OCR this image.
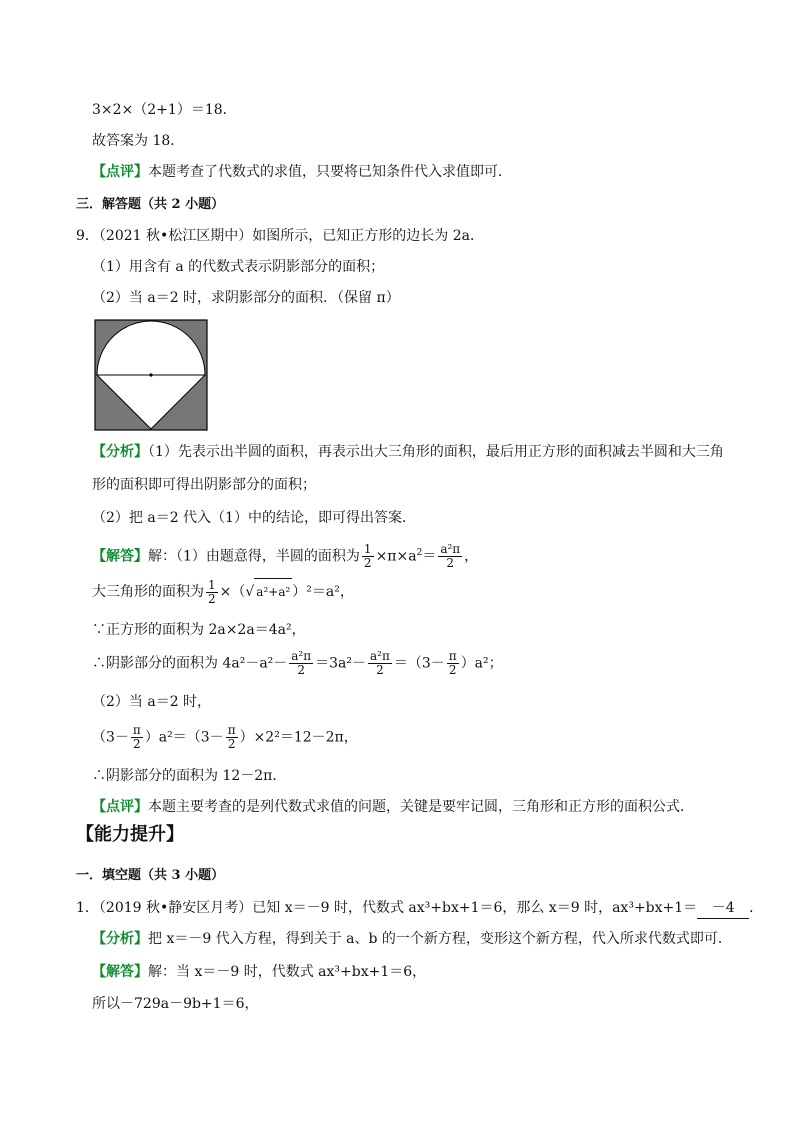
3×2×（2+1）＝18．
故答案为 18．
【点评】本题考查了代数式的求值，只要将已知条件代入求值即可．
三．解答题（共 2 小题）
9．（2021 秋•松江区期中）如图所示，已知正方形的边长为 2a．
（1）用含有 a 的代数式表示阴影部分的面积；
（2）当 a＝2 时，求阴影部分的面积．（保留 π）
【分析】（1）先表示出半圆的面积，再表示出大三角形的面积，最后用正方形的面积减去半圆和大三角
形的面积即可得出阴影部分的面积；
（2）把 a＝2 代入（1）中的结论，即可得出答案．
【解答】解：（1）由题意得，半圆的面积为 $\frac{1}{2} \times\pi\times a^2= \frac{\text{a²π}}{2}$ ，
大三角形的面积为 $\frac{1}{2}$ ×（√ a²+a² ）²＝a²，
∵正方形的面积为 2a×2a＝4a²，
∴阴影部分的面积为 $4a^2-a^2- \frac{\text{a²π}}{2} =3a^2- \frac{\text{a²π}}{2} =(3- \frac{\pi}{2} )a^2$；
（2）当 a＝2 时，
$(3- \frac{\pi}{2} )a^2=(3- \frac{\pi}{2} )\times 2^2=12-2\pi$，
∴阴影部分的面积为 12－2π．
【点评】本题主要考查的是列代数式求值的问题，关键是要牢记圆，三角形和正方形的面积公式．
【能力提升】
一．填空题（共 3 小题）
1．（2019 秋•静安区月考）已知 x＝－9 时，代数式 ax³+bx+1＝6，那么 x＝9 时，ax³+bx+1＝ －4 ．
【分析】把 x＝－9 代入方程，得到关于 a、b 的一个新方程，变形这个新方程，代入所求代数式即可．
【解答】解：当 x＝－9 时，代数式 ax³+bx+1＝6，
所以－729a－9b+1＝6，
